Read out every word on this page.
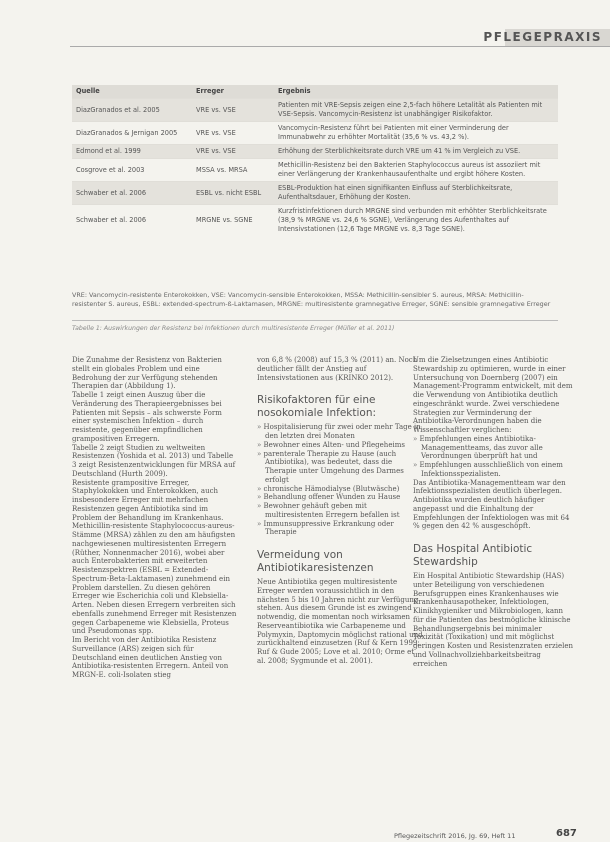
PFLEGEPRAXIS
Quelle	Erreger	Ergebnis
DiazGranados et al. 2005	VRE vs. VSE	Patienten mit VRE-Sepsis zeigen eine 2,5-fach höhere Letalität als Patienten mit VSE-Sepsis. Vancomycin-Resistenz ist unabhängiger Risikofaktor.
DiazGranados & Jernigan 2005	VRE vs. VSE	Vancomycin-Resistenz führt bei Patienten mit einer Verminderung der Immunabwehr zu erhöhter Mortalität (35,6 % vs. 43,2 %).
Edmond et al. 1999	VRE vs. VSE	Erhöhung der Sterblichkeitsrate durch VRE um 41 % im Vergleich zu VSE.
Cosgrove et al. 2003	MSSA vs. MRSA	Methicillin-Resistenz bei den Bakterien Staphylococcus aureus ist assoziiert mit einer Verlängerung der Krankenhausaufenthalte und ergibt höhere Kosten.
Schwaber et al. 2006	ESBL vs. nicht ESBL	ESBL-Produktion hat einen signifikanten Einfluss auf Sterblichkeitsrate, Aufenthaltsdauer, Erhöhung der Kosten.
Schwaber et al. 2006	MRGNE vs. SGNE	Kurzfristinfektionen durch MRGNE sind verbunden mit erhöhter Sterblichkeitsrate (38,9 % MRGNE vs. 24,6 % SGNE), Verlängerung des Aufenthaltes auf Intensivstationen (12,6 Tage MRGNE vs. 8,3 Tage SGNE).
VRE: Vancomycin-resistente Enterokokken, VSE: Vancomycin-sensible Enterokokken, MSSA: Methicillin-sensibler S. aureus, MRSA: Methicillin-resistenter S. aureus, ESBL: extended-spectrum-ß-Laktamasen, MRGNE: multiresistente gramnegative Erreger, SGNE: sensible gramnegative Erreger
Tabelle 1: Auswirkungen der Resistenz bei Infektionen durch multiresistente Erreger (Müller et al. 2011)

Die Zunahme der Resistenz von Bakterien stellt ein globales Problem und eine Bedrohung der zur Verfügung stehenden Therapien dar (Abbildung 1).

Tabelle 1 zeigt einen Auszug über die Veränderung des Therapieergebnisses bei Patienten mit Sepsis – als schwerste Form einer systemischen Infektion – durch resistente, gegenüber empfindlichen grampositiven Erregern.

Tabelle 2 zeigt Studien zu weltweiten Resistenzen (Yoshida et al. 2013) und Tabelle 3 zeigt Resistenzentwicklungen für MRSA auf Deutschland (Hurth 2009).

Resistente grampositive Erreger, Staphylokokken und Enterokokken, auch insbesondere Erreger mit mehrfachen Resistenzen gegen Antibiotika sind im Problem der Behandlung im Krankenhaus. Methicillin-resistente Staphylococcus-aureus-Stämme (MRSA) zählen zu den am häufigsten nachgewiesenen multiresistenten Erregern (Rüther, Nonnenmacher 2016), wobei aber auch Enterobakterien mit erweiterten Resistenzspektren (ESBL = Extended-Spectrum-Beta-Laktamasen) zunehmend ein Problem darstellen. Zu diesen gehören Erreger wie Escherichia coli und Klebsiella-Arten. Neben diesen Erregern verbreiten sich ebenfalls zunehmend Erreger mit Resistenzen gegen Carbapeneme wie Klebsiella, Proteus und Pseudomonas spp.

Im Bericht von der Antibiotika Resistenz Surveillance (ARS) zeigen sich für Deutschland einen deutlichen Anstieg von Antibiotika-resistenten Erregern. Anteil von MRGN-E. coli-Isolaten stieg

von 6,8 % (2008) auf 15,3 % (2011) an. Noch deutlicher fällt der Anstieg auf Intensivstationen aus (KRINKO 2012).

Risikofaktoren für eine nosokomiale Infektion:
» Hospitalisierung für zwei oder mehr Tage in den letzten drei Monaten
» Bewohner eines Alten- und Pflegeheims
» parenterale Therapie zu Hause (auch Antibiotika), was bedeutet, dass die Therapie unter Umgehung des Darmes erfolgt
» chronische Hämodialyse (Blutwäsche)
» Behandlung offener Wunden zu Hause
» Bewohner gehäuft geben mit multiresistenten Erregern befallen ist
» Immunsuppressive Erkrankung oder Therapie
Vermeidung von Antibiotikaresistenzen

Neue Antibiotika gegen multiresistente Erreger werden voraussichtlich in den nächsten 5 bis 10 Jahren nicht zur Verfügung stehen. Aus diesem Grunde ist es zwingend notwendig, die momentan noch wirksamen Reserveantibiotika wie Carbapeneme und Polymyxin, Daptomycin möglichst rational und zurückhaltend einzusetzen (Ruf & Kern 1999; Ruf & Gude 2005; Love et al. 2010; Orme et al. 2008; Sygmunde et al. 2001).

Um die Zielsetzungen eines Antibiotic Stewardship zu optimieren, wurde in einer Untersuchung von Doernberg (2007) ein Management-Programm entwickelt, mit dem die Verwendung von Antibiotika deutlich eingeschränkt wurde. Zwei verschiedene Strategien zur Verminderung der Antibiotika-Verordnungen haben die Wissenschaftler verglichen:

» Empfehlungen eines Antibiotika-Managementteams, das zuvor alle Verordnungen überprüft hat und
» Empfehlungen ausschließlich von einem Infektionsspezialisten.

Das Antibiotika-Managementteam war den Infektionsspezialisten deutlich überlegen. Antibiotika wurden deutlich häufiger angepasst und die Einhaltung der Empfehlungen der Infektiologen was mit 64 % gegen den 42 % ausgeschöpft.

Das Hospital Antibiotic Stewardship

Ein Hospital Antibiotic Stewardship (HAS) unter Beteiligung von verschiedenen Berufsgruppen eines Krankenhauses wie Krankenhausapotheker, Infektiologen, Klinikhygieniker und Mikrobiologen, kann für die Patienten das bestmögliche klinische Behandlungsergebnis bei minimaler Toxizität (Toxikation) und mit möglichst geringen Kosten und Resistenzraten erzielen und Vollnachvollziehbarkeitsbeitrag erreichen

Pflegezeitschrift 2016, Jg. 69, Heft 11	687
